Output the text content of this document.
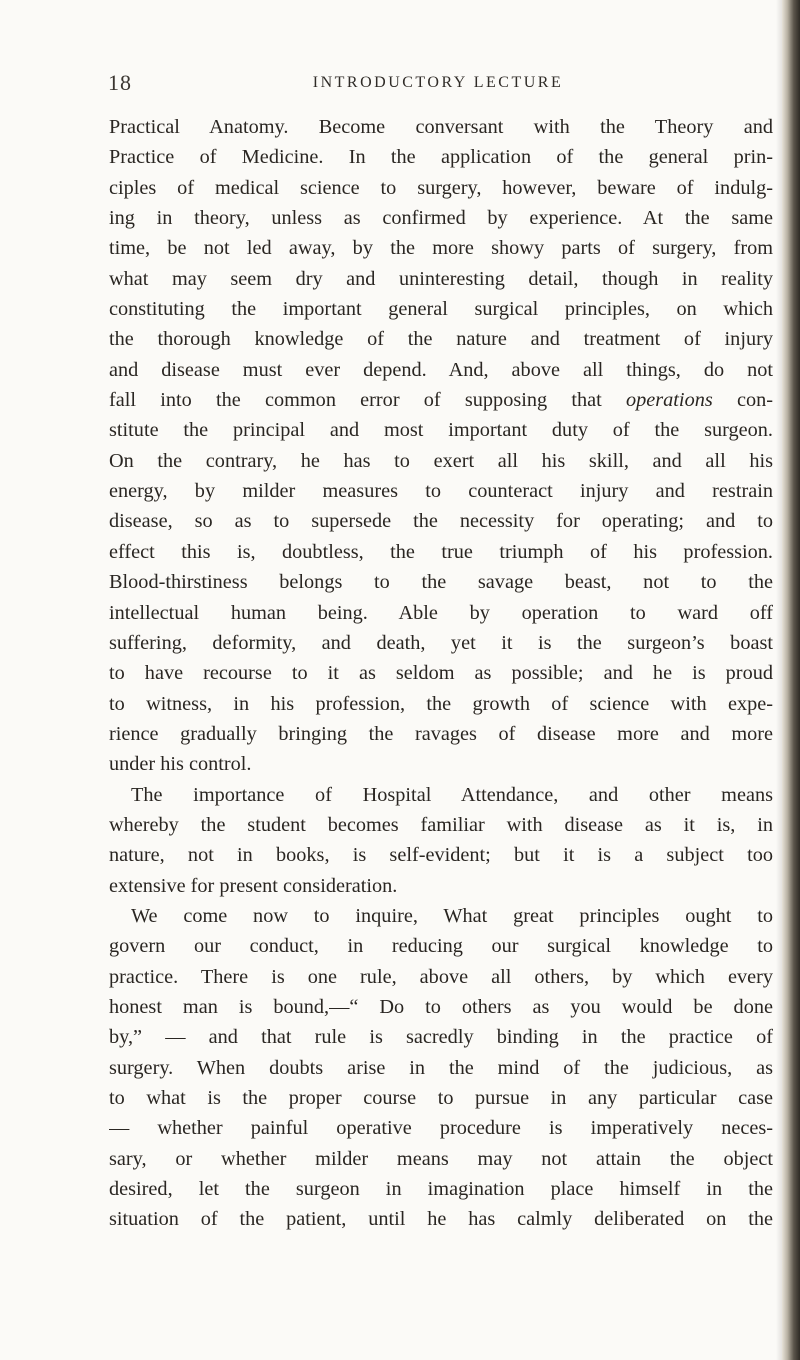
18	INTRODUCTORY LECTURE
Practical Anatomy. Become conversant with the Theory and
Practice of Medicine. In the application of the general prin-
ciples of medical science to surgery, however, beware of indulg-
ing in theory, unless as confirmed by experience. At the same
time, be not led away, by the more showy parts of surgery, from
what may seem dry and uninteresting detail, though in reality
constituting the important general surgical principles, on which
the thorough knowledge of the nature and treatment of injury
and disease must ever depend. And, above all things, do not
fall into the common error of supposing that operations con-
stitute the principal and most important duty of the surgeon.
On the contrary, he has to exert all his skill, and all his
energy, by milder measures to counteract injury and restrain
disease, so as to supersede the necessity for operating; and to
effect this is, doubtless, the true triumph of his profession.
Blood-thirstiness belongs to the savage beast, not to the
intellectual human being. Able by operation to ward off
suffering, deformity, and death, yet it is the surgeon’s boast
to have recourse to it as seldom as possible; and he is proud
to witness, in his profession, the growth of science with expe-
rience gradually bringing the ravages of disease more and more
under his control.
The importance of Hospital Attendance, and other means
whereby the student becomes familiar with disease as it is, in
nature, not in books, is self-evident; but it is a subject too
extensive for present consideration.
We come now to inquire, What great principles ought to
govern our conduct, in reducing our surgical knowledge to
practice. There is one rule, above all others, by which every
honest man is bound,—“ Do to others as you would be done
by,” — and that rule is sacredly binding in the practice of
surgery. When doubts arise in the mind of the judicious, as
to what is the proper course to pursue in any particular case
— whether painful operative procedure is imperatively neces-
sary, or whether milder means may not attain the object
desired, let the surgeon in imagination place himself in the
situation of the patient, until he has calmly deliberated on the
